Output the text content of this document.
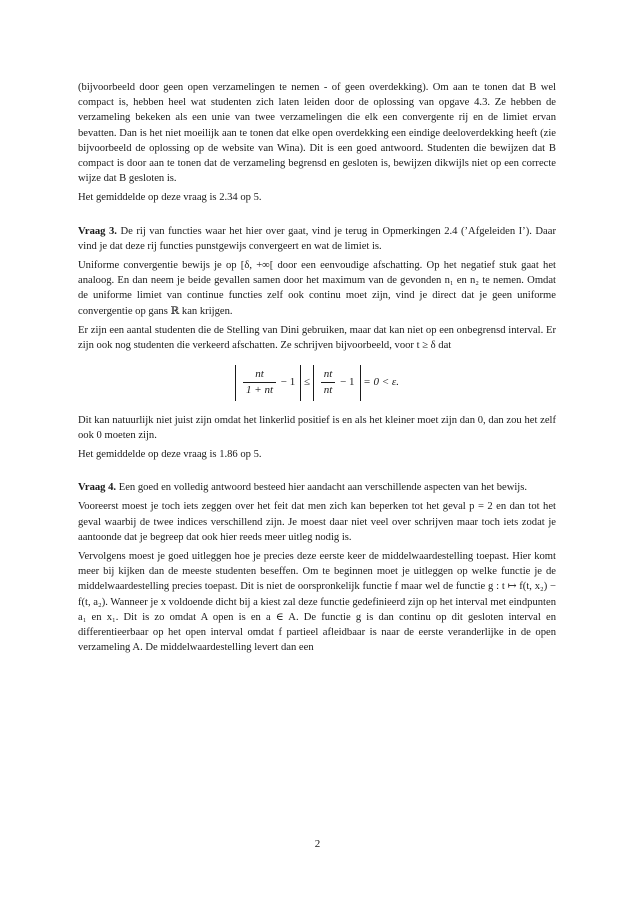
(bijvoorbeeld door geen open verzamelingen te nemen - of geen overdekking). Om aan te tonen dat B wel compact is, hebben heel wat studenten zich laten leiden door de oplossing van opgave 4.3. Ze hebben de verzameling bekeken als een unie van twee verzamelingen die elk een convergente rij en de limiet ervan bevatten. Dan is het niet moeilijk aan te tonen dat elke open overdekking een eindige deeloverdekking heeft (zie bijvoorbeeld de oplossing op de website van Wina). Dit is een goed antwoord. Studenten die bewijzen dat B compact is door aan te tonen dat de verzameling begrensd en gesloten is, bewijzen dikwijls niet op een correcte wijze dat B gesloten is.

Het gemiddelde op deze vraag is 2.34 op 5.

Vraag 3. De rij van functies waar het hier over gaat, vind je terug in Opmerkingen 2.4 (’Afgeleiden I’). Daar vind je dat deze rij functies punstgewijs convergeert en wat de limiet is.

Uniforme convergentie bewijs je op [δ, +∞[ door een eenvoudige afschatting. Op het negatief stuk gaat het analoog. En dan neem je beide gevallen samen door het maximum van de gevonden n₁ en n₂ te nemen. Omdat de uniforme limiet van continue functies zelf ook continu moet zijn, vind je direct dat je geen uniforme convergentie op gans ℝ kan krijgen.

Er zijn een aantal studenten die de Stelling van Dini gebruiken, maar dat kan niet op een onbegrensd interval. Er zijn ook nog studenten die verkeerd afschatten. Ze schrijven bijvoorbeeld, voor t ≥ δ dat

$\frac{nt}{1 + nt} - 1 \le \frac{nt}{nt} - 1 = 0 < \varepsilon$.

Dit kan natuurlijk niet juist zijn omdat het linkerlid positief is en als het kleiner moet zijn dan 0, dan zou het zelf ook 0 moeten zijn.

Het gemiddelde op deze vraag is 1.86 op 5.

Vraag 4. Een goed en volledig antwoord besteed hier aandacht aan verschillende aspecten van het bewijs.

Vooreerst moest je toch iets zeggen over het feit dat men zich kan beperken tot het geval p = 2 en dan tot het geval waarbij de twee indices verschillend zijn. Je moest daar niet veel over schrijven maar toch iets zodat je aantoonde dat je begreep dat ook hier reeds meer uitleg nodig is.

Vervolgens moest je goed uitleggen hoe je precies deze eerste keer de middelwaardestelling toepast. Hier komt meer bij kijken dan de meeste studenten beseffen. Om te beginnen moet je uitleggen op welke functie je de middelwaardestelling precies toepast. Dit is niet de oorspronkelijk functie f maar wel de functie g : t ↦ f(t, x₂) − f(t, a₂). Wanneer je x voldoende dicht bij a kiest zal deze functie gedefinieerd zijn op het interval met eindpunten a₁ en x₁. Dit is zo omdat A open is en a ∈ A. De functie g is dan continu op dit gesloten interval en differentieerbaar op het open interval omdat f partieel afleidbaar is naar de eerste veranderlijke in de open verzameling A. De middelwaardestelling levert dan een

2
